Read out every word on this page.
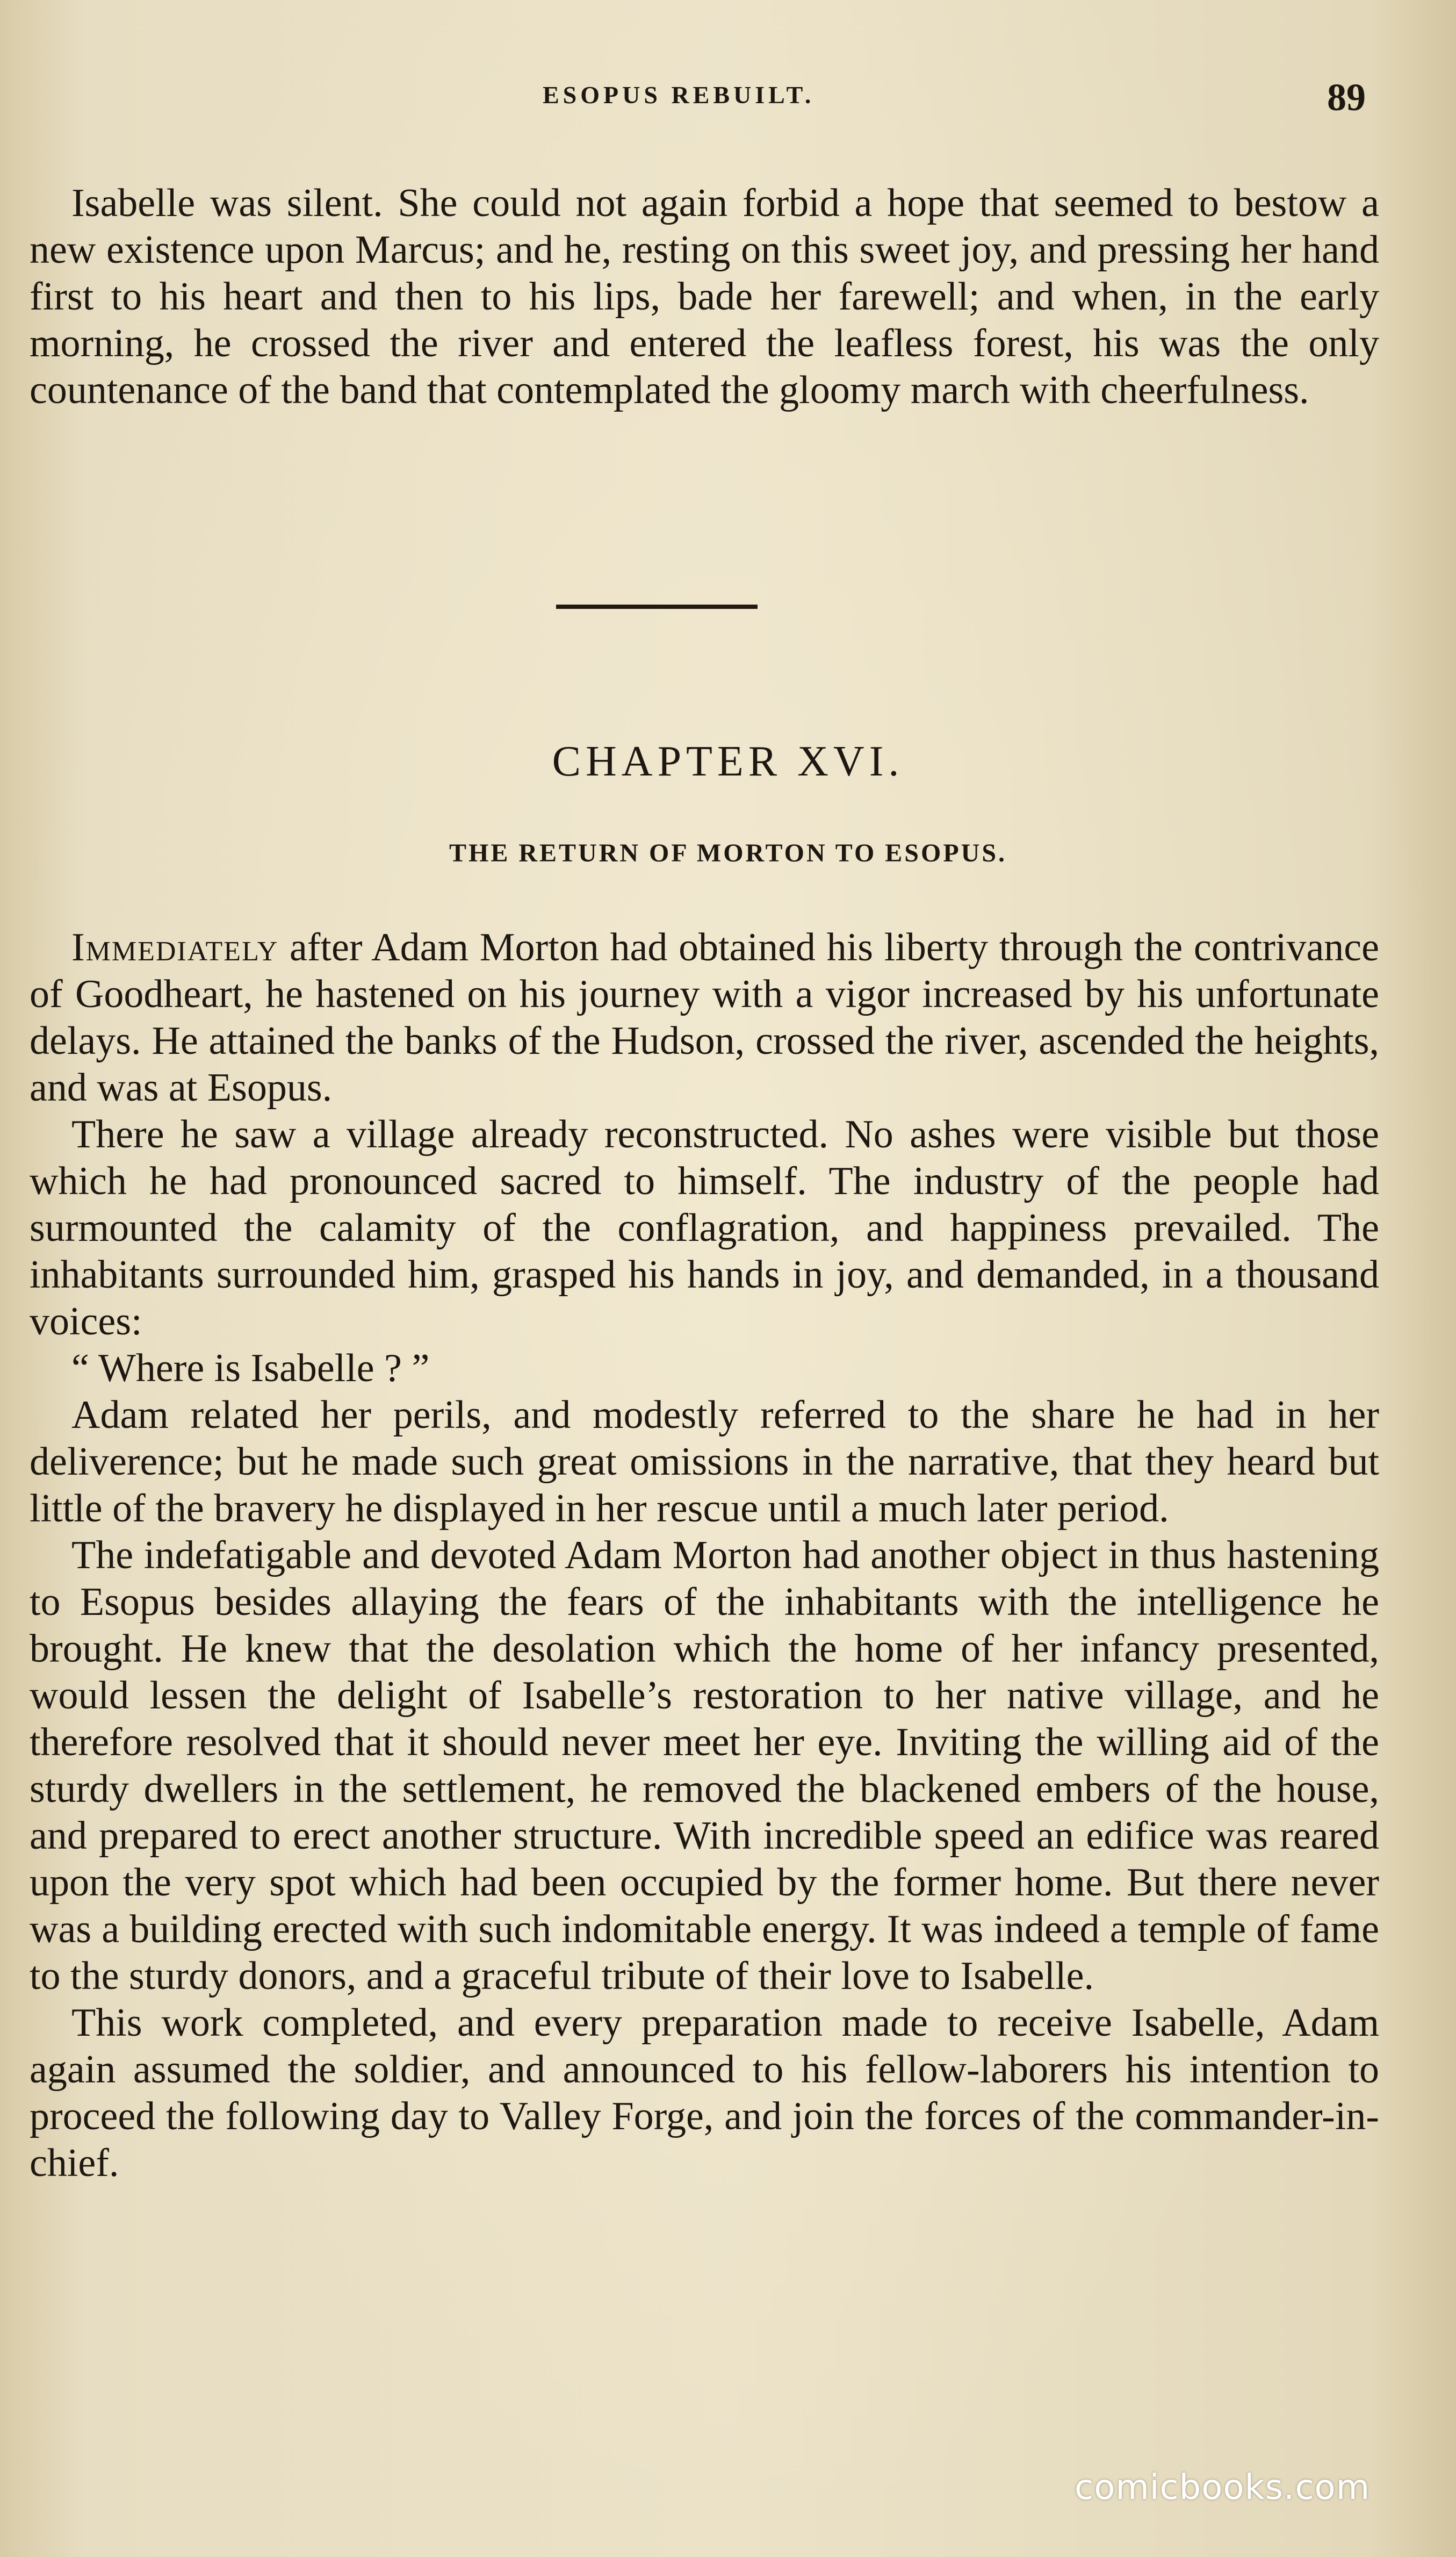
ESOPUS REBUILT.	89

Isabelle was silent. She could not again forbid a hope that seemed to bestow a new existence upon Marcus; and he, resting on this sweet joy, and pressing her hand first to his heart and then to his lips, bade her farewell; and when, in the early morning, he crossed the river and entered the leafless forest, his was the only countenance of the band that contemplated the gloomy march with cheerfulness.

CHAPTER XVI.
THE RETURN OF MORTON TO ESOPUS.

Immediately after Adam Morton had obtained his liberty through the contrivance of Goodheart, he hastened on his journey with a vigor increased by his unfortunate delays. He attained the banks of the Hudson, crossed the river, ascended the heights, and was at Esopus.

There he saw a village already reconstructed. No ashes were visible but those which he had pronounced sacred to himself. The industry of the people had surmounted the calamity of the conflagration, and happiness prevailed. The inhabitants surrounded him, grasped his hands in joy, and demanded, in a thousand voices:

“ Where is Isabelle ? ”

Adam related her perils, and modestly referred to the share he had in her deliverence; but he made such great omissions in the narrative, that they heard but little of the bravery he displayed in her rescue until a much later period.

The indefatigable and devoted Adam Morton had another object in thus hastening to Esopus besides allaying the fears of the inhabitants with the intelligence he brought. He knew that the desolation which the home of her infancy presented, would lessen the delight of Isabelle’s restoration to her native village, and he therefore resolved that it should never meet her eye. Inviting the willing aid of the sturdy dwellers in the settlement, he removed the blackened embers of the house, and prepared to erect another structure. With incredible speed an edifice was reared upon the very spot which had been occupied by the former home. But there never was a building erected with such indomitable energy. It was indeed a temple of fame to the sturdy donors, and a graceful tribute of their love to Isabelle.

This work completed, and every preparation made to receive Isabelle, Adam again assumed the soldier, and announced to his fellow-laborers his intention to proceed the following day to Valley Forge, and join the forces of the commander-in-chief.

comicbooks.com
